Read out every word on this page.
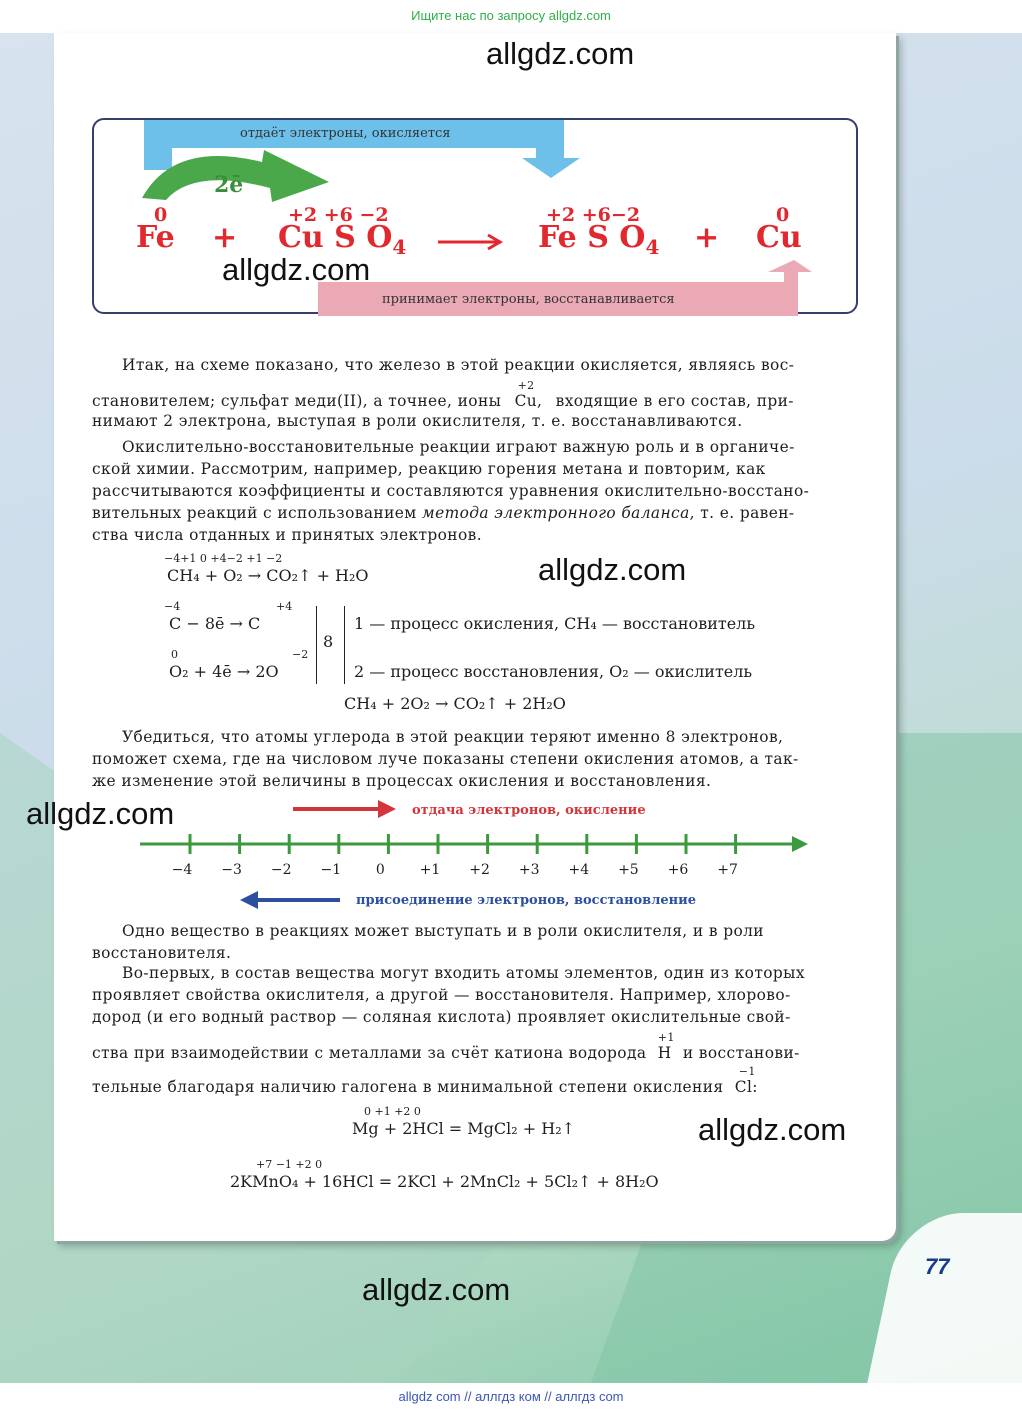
Ищите нас по запросу allgdz.com
отдаёт электроны, окисляется
принимает электроны, восстанавливается
2ē
0
Fe +
+2 +6 −2
Cu S $O_4$
+2 +6−2
Fe S $O_4$ +
0
Cu
Итак, на схеме показано, что железо в этой реакции окисляется, являясь вос-
становителем; сульфат меди(II), а точнее, ионы
+2
Cu, входящие в его состав, при-
нимают 2 электрона, выступая в роли окислителя, т. е. восстанавливаются.
Окислительно-восстановительные реакции играют важную роль и в органиче-
ской химии. Рассмотрим, например, реакцию горения метана и повторим, как
рассчитываются коэффициенты и составляются уравнения окислительно-восстано-
вительных реакций с использованием метода электронного баланса, т. е. равен-
ства числа отданных и принятых электронов.
−4+1 0 +4−2 +1 −2
CH₄ + O₂ → CO₂↑ + H₂O
−4	+4
C − 8ē → C
0	−2
O₂ + 4ē → 2O
8
1 — процесс окисления, CH₄ — восстановитель
2 — процесс восстановления, O₂ — окислитель
CH₄ + 2O₂ → CO₂↑ + 2H₂O
Убедиться, что атомы углерода в этой реакции теряют именно 8 электронов,
поможет схема, где на числовом луче показаны степени окисления атомов, а так-
же изменение этой величины в процессах окисления и восстановления.
отдача электронов, окисление
присоединение электронов, восстановление
−4	−3	−2	−1	0	+1	+2	+3	+4	+5	+6	+7
Одно вещество в реакциях может выступать и в роли окислителя, и в роли
восстановителя.
Во-первых, в состав вещества могут входить атомы элементов, один из которых
проявляет свойства окислителя, а другой — восстановителя. Например, хлорово-
дород (и его водный раствор — соляная кислота) проявляет окислительные свой-
ства при взаимодействии с металлами за счёт катиона водорода
+1
H и восстанови-
тельные благодаря наличию галогена в минимальной степени окисления
−1
Cl:
0 +1 +2 0
Mg + 2HCl = MgCl₂ + H₂↑
+7 −1 +2 0
2KMnO₄ + 16HCl = 2KCl + 2MnCl₂ + 5Cl₂↑ + 8H₂O
allgdz.com
allgdz.com
allgdz.com
allgdz.com
allgdz.com
allgdz.com
77
allgdz com // аллгдз ком // аллгдз com
